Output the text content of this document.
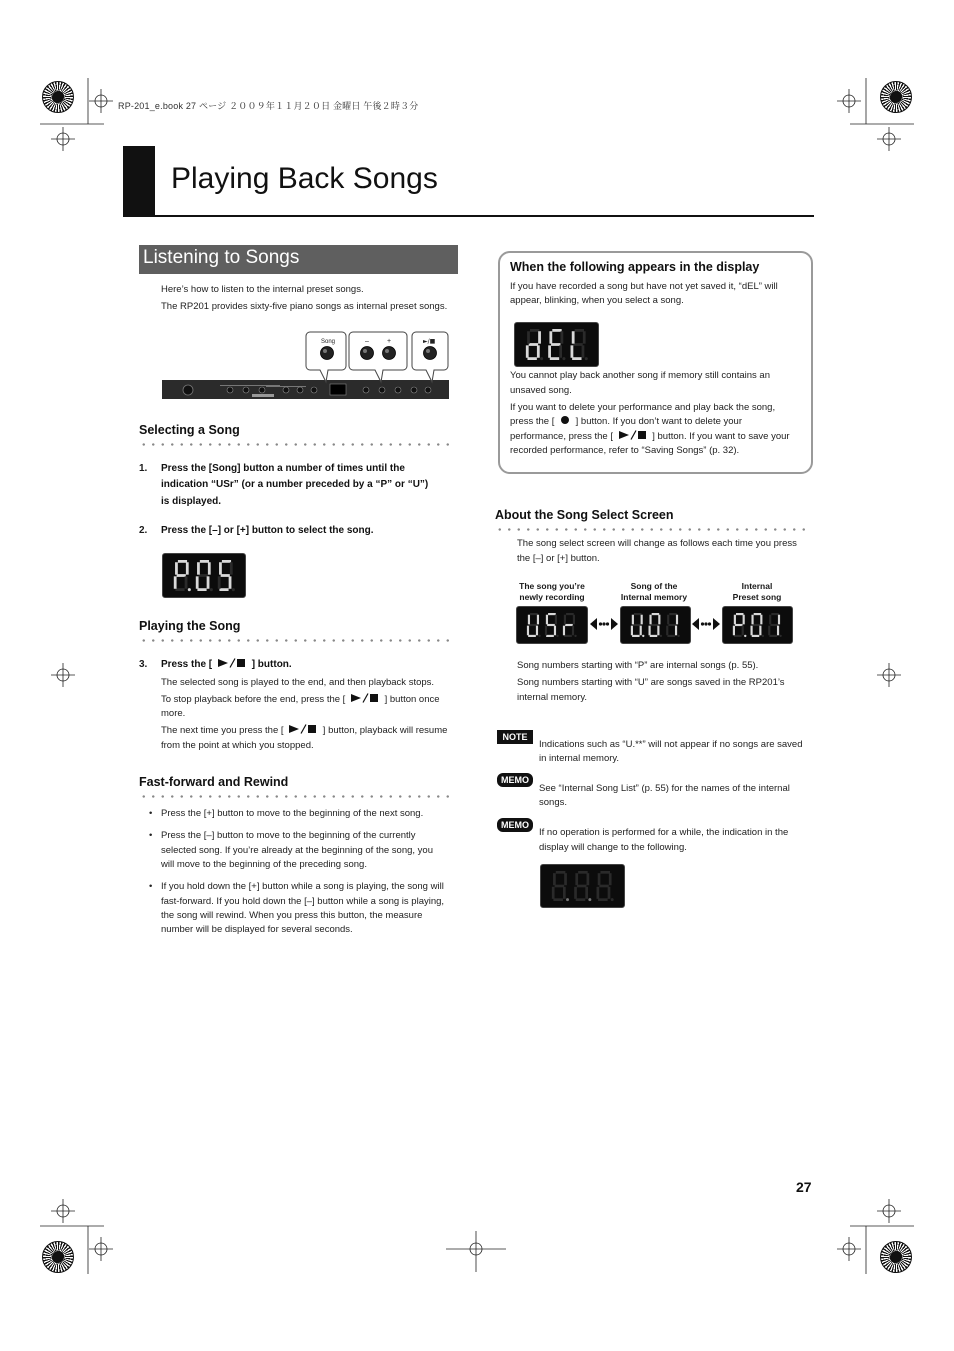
RP-201_e.book 27 ページ ２００９年１１月２０日 金曜日 午後２時３分
Playing Back Songs
Listening to Songs
Here’s how to listen to the internal preset songs.
The RP201 provides sixty-five piano songs as internal preset songs.
Song	–	+	►/■
Selecting a Song
1. Press the [Song] button a number of times until the
indication “USr” (or a number preceded by a “P” or “U”)
is displayed.
2. Press the [–] or [+] button to select the song.
Playing the Song
3. Press the [	] button.
The selected song is played to the end, and then playback stops.
To stop playback before the end, press the [	] button once
more.
The next time you press the [	] button, playback will resume
from the point at which you stopped.
Fast-forward and Rewind
• Press the [+] button to move to the beginning of the next song.
• Press the [–] button to move to the beginning of the currently
selected song. If you’re already at the beginning of the song, you
will move to the beginning of the preceding song.
• If you hold down the [+] button while a song is playing, the song will
fast-forward. If you hold down the [–] button while a song is playing,
the song will rewind. When you press this button, the measure
number will be displayed for several seconds.
When the following appears in the display
If you have recorded a song but have not yet saved it, “dEL” will
appear, blinking, when you select a song.
You cannot play back another song if memory still contains an
unsaved song.
If you want to delete your performance and play back the song,
press the [ ] button. If you don’t want to delete your
performance, press the [	] button. If you want to save your
recorded performance, refer to “Saving Songs” (p. 32).
About the Song Select Screen
The song select screen will change as follows each time you press
the [–] or [+] button.
The song you’re
newly recording
Song of the
Internal memory
Internal
Preset song
Song numbers starting with “P” are internal songs (p. 55).
Song numbers starting with “U” are songs saved in the RP201’s
internal memory.
NOTE
Indications such as “U.**” will not appear if no songs are saved
in internal memory.
MEMO
See “Internal Song List” (p. 55) for the names of the internal
songs.
MEMO
If no operation is performed for a while, the indication in the
display will change to the following.
27
